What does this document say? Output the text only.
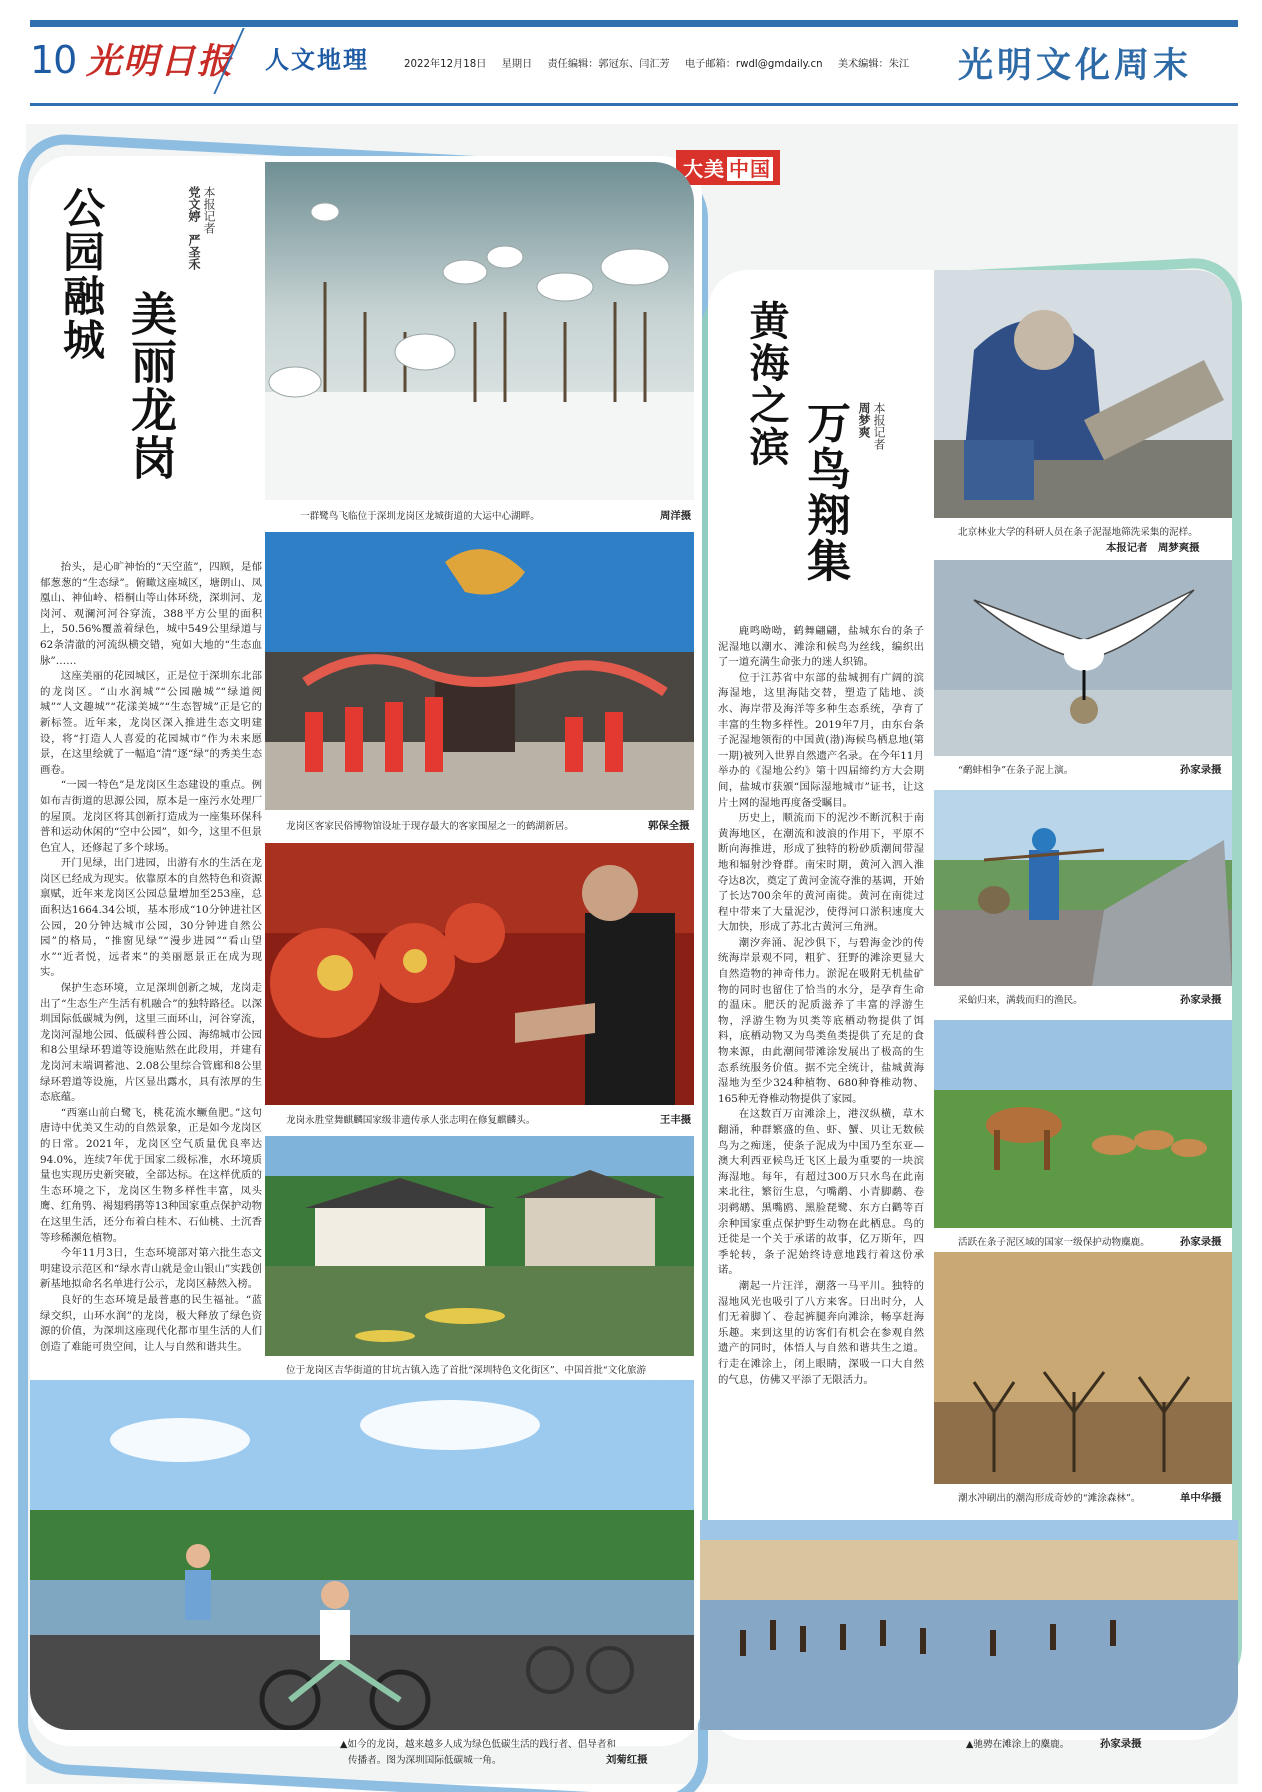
10 光明日报 人文地理	2022年12月18日 星期日 责任编辑：郭冠东、闫汇芳 电子邮箱：rwdl@gmdaily.cn 美术编辑：朱江	光明文化周末
大美 中国
公园融城
美丽龙岗
本报记者
党文婷　严圣禾

抬头，是心旷神怡的“天空蓝”，四顾，是郁郁葱葱的“生态绿”。俯瞰这座城区，塘朗山、凤凰山、神仙岭、梧桐山等山体环绕，深圳河、龙岗河、观澜河河谷穿流，388平方公里的面积上，50.56%覆盖着绿色，城中549公里绿道与62条清澈的河流纵横交错，宛如大地的“生态血脉”……

这座美丽的花园城区，正是位于深圳东北部的龙岗区。“山水润城”“公园融城”“绿道阅城”“人文趣城”“花漾美城”“生态智城”正是它的新标签。近年来，龙岗区深入推进生态文明建设，将“打造人人喜爱的花园城市”作为未来愿景，在这里绘就了一幅追“清”逐“绿”的秀美生态画卷。

“一园一特色”是龙岗区生态建设的重点。例如布吉街道的思源公园，原本是一座污水处理厂的屋顶。龙岗区将其创新打造成为一座集环保科普和运动休闲的“空中公园”，如今，这里不但景色宜人，还修起了多个球场。

开门见绿，出门进园，出游有水的生活在龙岗区已经成为现实。依靠原本的自然特色和资源禀赋，近年来龙岗区公园总量增加至253座，总面积达1664.34公顷，基本形成“10分钟进社区公园，20分钟达城市公园，30分钟进自然公园”的格局，“推窗见绿”“漫步进园”“看山望水”“近者悦，远者来”的美丽愿景正在成为现实。

保护生态环境，立足深圳创新之城，龙岗走出了“生态生产生活有机融合”的独特路径。以深圳国际低碳城为例，这里三面环山，河谷穿流，龙岗河湿地公园、低碳科普公园、海绵城市公园和8公里绿环碧道等设施贴然在此段用，并建有龙岗河末端调蓄池、2.08公里综合管廊和8公里绿环碧道等设施，片区显出露水，具有浓厚的生态底蕴。

“西塞山前白鹭飞，桃花流水鳜鱼肥。”这句唐诗中优美又生动的自然景象，正是如今龙岗区的日常。2021年，龙岗区空气质量优良率达94.0%，连续7年优于国家二级标准，水环境质量也实现历史新突破，全部达标。在这样优质的生态环境之下，龙岗区生物多样性丰富，凤头鹰、红角鸮、褐翅鸦鹃等13种国家重点保护动物在这里生活，还分布着白桂木、石仙桃、土沉香等珍稀濒危植物。

今年11月3日，生态环境部对第六批生态文明建设示范区和“绿水青山就是金山银山”实践创新基地拟命名名单进行公示，龙岗区赫然入榜。

良好的生态环境是最普惠的民生福祉。“蓝绿交织，山环水润”的龙岗，极大释放了绿色资源的价值，为深圳这座现代化都市里生活的人们创造了难能可贵空间，让人与自然和谐共生。

一群鹭鸟飞临位于深圳龙岗区龙城街道的大运中心湖畔。	周洋摄
龙岗区客家民俗博物馆设址于现存最大的客家围屋之一的鹤湖新居。	郭保全摄
龙岗永胜堂舞麒麟国家级非遗传承人张志明在修复麒麟头。	王丰摄
位于龙岗区吉华街道的甘坑古镇入选了首批“深圳特色文化街区”、中国首批“文化旅游
▲如今的龙岗，越来越多人成为绿色低碳生活的践行者、倡导者和
传播者。图为深圳国际低碳城一角。	刘菊红摄
黄海之滨
万鸟翔集	本报记者
周梦爽

鹿鸣呦呦，鹤舞翩翩，盐城东台的条子泥湿地以潮水、滩涂和候鸟为丝线，编织出了一道充满生命张力的迷人织锦。

位于江苏省中东部的盐城拥有广阔的滨海湿地，这里海陆交替，塑造了陆地、淡水、海岸带及海洋等多种生态系统，孕育了丰富的生物多样性。2019年7月，由东台条子泥湿地领衔的中国黄(渤)海候鸟栖息地(第一期)被列入世界自然遗产名录。在今年11月举办的《湿地公约》第十四届缔约方大会期间，盐城市获颁“国际湿地城市”证书，让这片土网的湿地再度备受瞩目。

历史上，顺流而下的泥沙不断沉积于南黄海地区，在潮流和波浪的作用下，平原不断向海推进，形成了独特的粉砂质潮间带湿地和辐射沙脊群。南宋时期，黄河入泗入淮夺达8次，奠定了黄河金流夺淮的基调，开始了长达700余年的黄河南徙。黄河在南徙过程中带来了大量泥沙，使得河口淤积速度大大加快，形成了苏北古黄河三角洲。

潮汐奔涌、泥沙俱下，与碧海金沙的传统海岸景观不同，粗犷、狂野的滩涂更显大自然造物的神奇伟力。淤泥在吸附无机盐矿物的同时也留住了恰当的水分，是孕育生命的温床。肥沃的泥质滋养了丰富的浮游生物，浮游生物为贝类等底栖动物提供了饵料，底栖动物又为鸟类鱼类提供了充足的食物来源，由此潮间带滩涂发展出了极高的生态系统服务价值。据不完全统计，盐城黄海湿地为至少324种植物、680种脊椎动物、165种无脊椎动物提供了家园。

在这数百万亩滩涂上，港汊纵横，草木翻涌，种群繁盛的鱼、虾、蟹、贝让无数候鸟为之痴迷，使条子泥成为中国乃至东亚—澳大利西亚候鸟迁飞区上最为重要的一块滨海湿地。每年，有超过300万只水鸟在此南来北往，繁衍生息，勺嘴鹬、小青脚鹬、卷羽鹈鹕、黑嘴鸥、黑脸琵鹭、东方白鹳等百余种国家重点保护野生动物在此栖息。鸟的迁徙是一个关于承诺的故事，亿万斯年，四季轮转，条子泥始终诗意地践行着这份承诺。

潮起一片汪洋，潮落一马平川。独特的湿地风光也吸引了八方来客。日出时分，人们无着脚丫、卷起裤腿奔向滩涂，畅享赶海乐趣。来到这里的访客们有机会在参观自然遗产的同时，体悟人与自然和谐共生之道。行走在滩涂上，闭上眼睛，深吸一口大自然的气息，仿佛又平添了无限活力。

北京林业大学的科研人员在条子泥湿地筛洗采集的泥样。
本报记者　周梦爽摄
“鹬蚌相争”在条子泥上演。	孙家录摄
采蛤归来，满载而归的渔民。	孙家录摄
活跃在条子泥区域的国家一级保护动物麋鹿。	孙家录摄
潮水冲刷出的潮沟形成奇妙的“滩涂森林”。	单中华摄
▲驰骋在滩涂上的麋鹿。	孙家录摄
